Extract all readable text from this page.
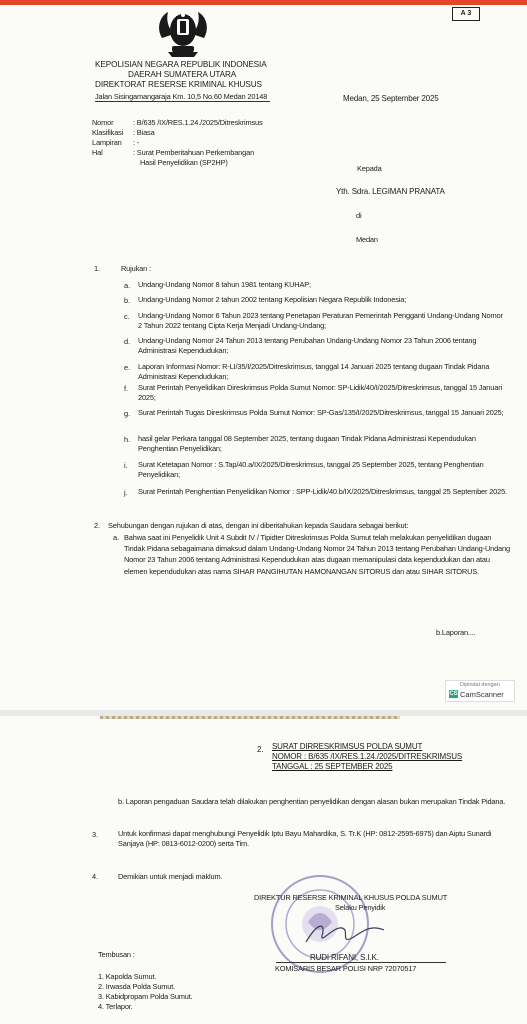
A 3
KEPOLISIAN NEGARA REPUBLIK INDONESIA
DAERAH SUMATERA UTARA
DIREKTORAT RESERSE KRIMINAL KHUSUS
Jalan Sisingamangaraja Km. 10,5 No.60 Medan 20148	Medan, 25 September 2025
Nomor	: B/635 /IX/RES.1.24./2025/Ditreskrimsus
Klasifikasi : Biasa
Lampiran : -
Hal	: Surat Pemberitahuan Perkembangan
Hasil Penyelidikan (SP2HP)
Kepada
Yth. Sdra. LEGIMAN PRANATA
di
Medan
1.	Rujukan :
a. Undang-Undang Nomor 8 tahun 1981 tentang KUHAP;
b. Undang-Undang Nomor 2 tahun 2002 tentang Kepolisian Negara Republik Indonesia;
c. Undang-Undang Nomor 6 Tahun 2023 tentang Penetapan Peraturan Pemerintah Pengganti Undang-Undang Nomor 2 Tahun 2022 tentang Cipta Kerja Menjadi Undang-Undang;
d. Undang-Undang Nomor 24 Tahun 2013 tentang Perubahan Undang-Undang Nomor 23 Tahun 2006 tentang Administrasi Kependudukan;
e. Laporan Informasi Nomor: R-LI/35/I/2025/Ditreskrimsus, tanggal 14 Januari 2025 tentang dugaan Tindak Pidana Administrasi Kependudukan;
f. Surat Perintah Penyelidikan Direskrimsus Polda Sumut Nomor: SP-Lidik/40/I/2025/Ditreskrimsus, tanggal 15 Januari 2025;
g. Surat Perintah Tugas Direskrimsus Polda Sumut Nomor: SP-Gas/135/I/2025/Ditreskrimsus, tanggal 15 Januari 2025;
h. hasil gelar Perkara tanggal 08 September 2025, tentang dugaan Tindak Pidana Administrasi Kependudukan Penghentian Penyelidikan;
i. Surat Ketetapan Nomor : S.Tap/40.a/IX/2025/Ditreskrimsus, tanggal 25 September 2025, tentang Penghentian Penyelidikan;
j. Surat Perintah Penghentian Penyelidikan Nomor : SPP-Lidik/40.b/IX/2025/Ditreskrimsus, tanggal 25 September 2025.
2. Sehubungan dengan rujukan di atas, dengan ini diberitahukan kepada Saudara sebagai berikut:
a. Bahwa saat ini Penyelidik Unit 4 Subdit IV / Tipidter Ditreskrimsus Polda Sumut telah melakukan penyelidikan dugaan Tindak Pidana sebagaimana dimaksud dalam Undang-Undang Nomor 24 Tahun 2013 tentang Perubahan Undang-Undang Nomor 23 Tahun 2006 tentang Administrasi Kependudukan atas dugaan memanipulasi data kependudukan dan atau elemen kependudukan atas nama SIHAR PANGIHUTAN HAMONANGAN SITORUS dan atau SIHAR SITORUS.
b.Laporan....
Dipindai dengan
CS CamScanner
2. SURAT DIRRESKRIMSUS POLDA SUMUT
NOMOR : B/635 /IX/RES.1.24./2025/DITRESKRIMSUS
TANGGAL : 25 SEPTEMBER 2025
b. Laporan pengaduan Saudara telah dilakukan penghentian penyelidikan dengan alasan bukan merupakan Tindak Pidana.
3.	Untuk konfirmasi dapat menghubungi Penyelidik Iptu Bayu Mahardika, S. Tr.K (HP: 0812-2595-6975) dan Aiptu Sunardi Sanjaya (HP: 0813-6012-0200) serta Tim.
4.	Demikian untuk menjadi maklum.
DIREKTUR RESERSE KRIMINAL KHUSUS POLDA SUMUT
Selaku Penyidik
RUDI RIFANI, S.I.K.
KOMISARIS BESAR POLISI NRP 72070517
Tembusan :
1. Kapolda Sumut.
2. Irwasda Polda Sumut.
3. Kabidpropam Polda Sumut.
4. Terlapor.
